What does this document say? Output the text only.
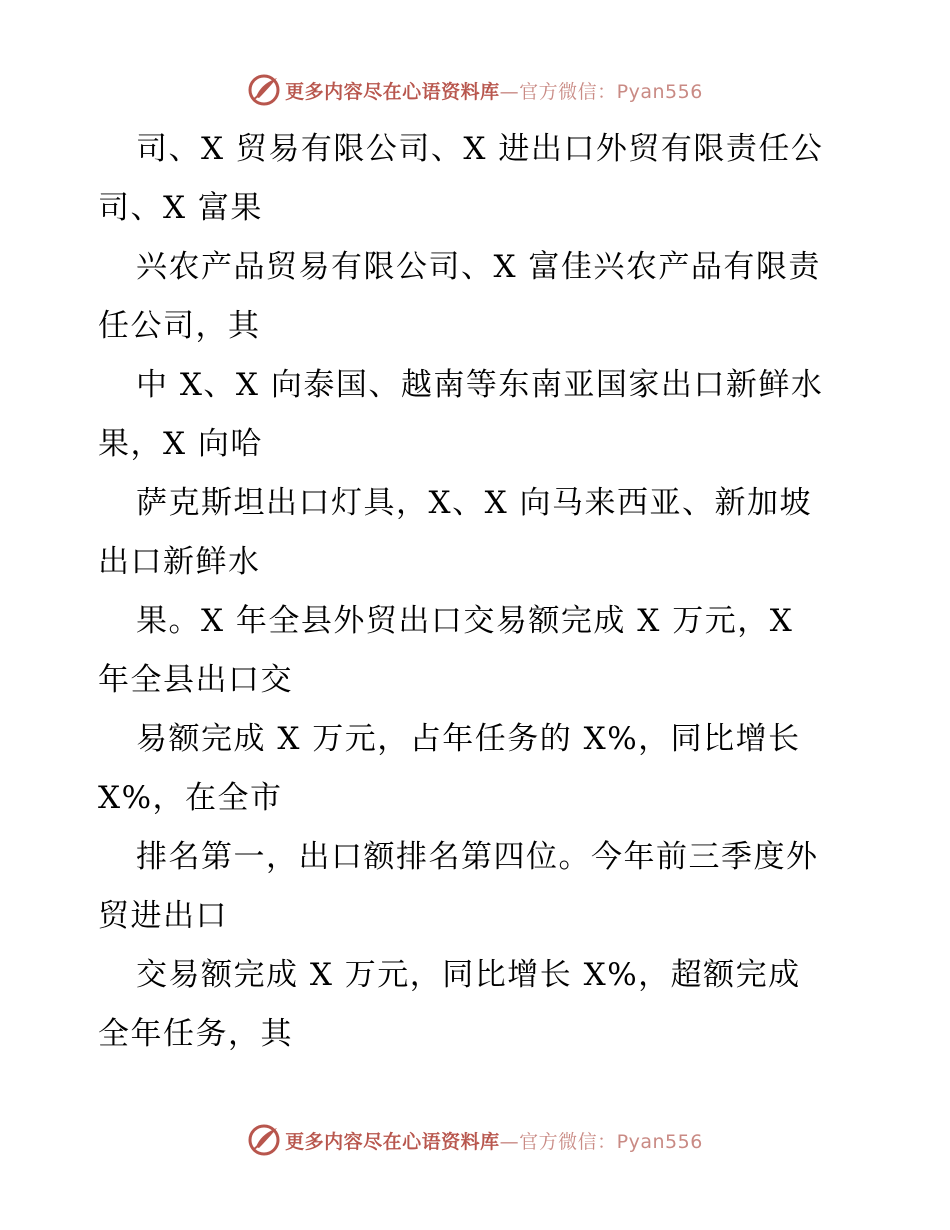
更多内容尽在心语资料库—官方微信：Pyan556
司、X 贸易有限公司、X 进出口外贸有限责任公
司、X 富果
兴农产品贸易有限公司、X 富佳兴农产品有限责
任公司，其
中 X、X 向泰国、越南等东南亚国家出口新鲜水
果，X 向哈
萨克斯坦出口灯具，X、X 向马来西亚、新加坡
出口新鲜水
果。X 年全县外贸出口交易额完成 X 万元，X
年全县出口交
易额完成 X 万元，占年任务的 X%，同比增长
X%，在全市
排名第一，出口额排名第四位。今年前三季度外
贸进出口
交易额完成 X 万元，同比增长 X%，超额完成
全年任务，其
更多内容尽在心语资料库—官方微信：Pyan556
